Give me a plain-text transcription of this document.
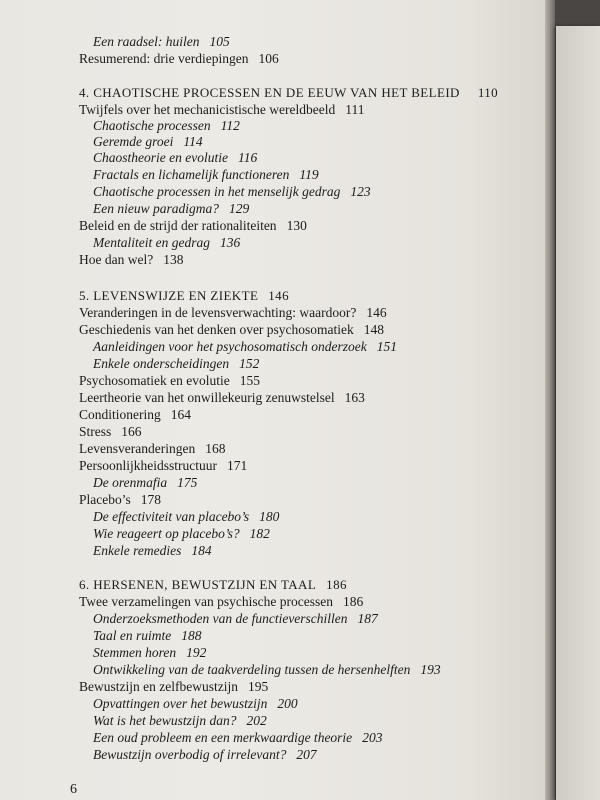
Een raadsel: huilen 105
Resumerend: drie verdiepingen 106
4. CHAOTISCHE PROCESSEN EN DE EEUW VAN HET BELEID 110
Twijfels over het mechanicistische wereldbeeld 111
Chaotische processen 112
Geremde groei 114
Chaostheorie en evolutie 116
Fractals en lichamelijk functioneren 119
Chaotische processen in het menselijk gedrag 123
Een nieuw paradigma? 129
Beleid en de strijd der rationaliteiten 130
Mentaliteit en gedrag 136
Hoe dan wel? 138
5. LEVENSWIJZE EN ZIEKTE 146
Veranderingen in de levensverwachting: waardoor? 146
Geschiedenis van het denken over psychosomatiek 148
Aanleidingen voor het psychosomatisch onderzoek 151
Enkele onderscheidingen 152
Psychosomatiek en evolutie 155
Leertheorie van het onwillekeurig zenuwstelsel 163
Conditionering 164
Stress 166
Levensveranderingen 168
Persoonlijkheidsstructuur 171
De orenmafia 175
Placebo’s 178
De effectiviteit van placebo’s 180
Wie reageert op placebo’s? 182
Enkele remedies 184
6. HERSENEN, BEWUSTZIJN EN TAAL 186
Twee verzamelingen van psychische processen 186
Onderzoeksmethoden van de functieverschillen 187
Taal en ruimte 188
Stemmen horen 192
Ontwikkeling van de taakverdeling tussen de hersenhelften 193
Bewustzijn en zelfbewustzijn 195
Opvattingen over het bewustzijn 200
Wat is het bewustzijn dan? 202
Een oud probleem en een merkwaardige theorie 203
Bewustzijn overbodig of irrelevant? 207
6
